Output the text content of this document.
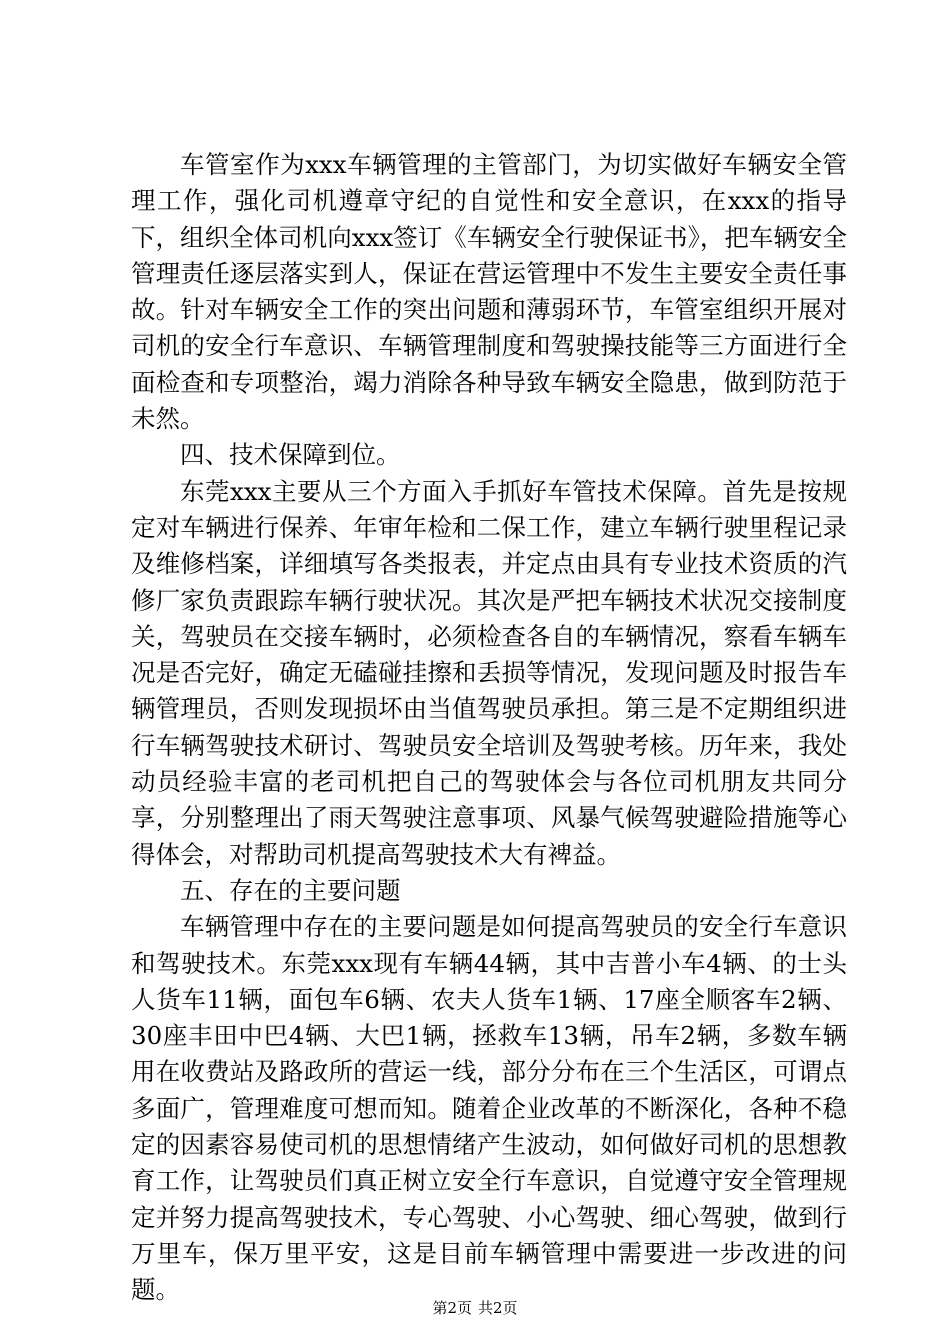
车管室作为xxx车辆管理的主管部门，为切实做好车辆安全管理工作，强化司机遵章守纪的自觉性和安全意识，在xxx的指导下，组织全体司机向xxx签订《车辆安全行驶保证书》，把车辆安全管理责任逐层落实到人，保证在营运管理中不发生主要安全责任事故。针对车辆安全工作的突出问题和薄弱环节，车管室组织开展对司机的安全行车意识、车辆管理制度和驾驶操技能等三方面进行全面检查和专项整治，竭力消除各种导致车辆安全隐患，做到防范于未然。

四、技术保障到位。

东莞xxx主要从三个方面入手抓好车管技术保障。首先是按规定对车辆进行保养、年审年检和二保工作，建立车辆行驶里程记录及维修档案，详细填写各类报表，并定点由具有专业技术资质的汽修厂家负责跟踪车辆行驶状况。其次是严把车辆技术状况交接制度关，驾驶员在交接车辆时，必须检查各自的车辆情况，察看车辆车况是否完好，确定无磕碰挂擦和丢损等情况，发现问题及时报告车辆管理员，否则发现损坏由当值驾驶员承担。第三是不定期组织进行车辆驾驶技术研讨、驾驶员安全培训及驾驶考核。历年来，我处动员经验丰富的老司机把自己的驾驶体会与各位司机朋友共同分享，分别整理出了雨天驾驶注意事项、风暴气候驾驶避险措施等心得体会，对帮助司机提高驾驶技术大有裨益。

五、存在的主要问题

车辆管理中存在的主要问题是如何提高驾驶员的安全行车意识和驾驶技术。东莞xxx现有车辆44辆，其中吉普小车4辆、的士头人货车11辆，面包车6辆、农夫人货车1辆、17座全顺客车2辆、30座丰田中巴4辆、大巴1辆，拯救车13辆，吊车2辆，多数车辆用在收费站及路政所的营运一线，部分分布在三个生活区，可谓点多面广，管理难度可想而知。随着企业改革的不断深化，各种不稳定的因素容易使司机的思想情绪产生波动，如何做好司机的思想教育工作，让驾驶员们真正树立安全行车意识，自觉遵守安全管理规定并努力提高驾驶技术，专心驾驶、小心驾驶、细心驾驶，做到行万里车，保万里平安，这是目前车辆管理中需要进一步改进的问题。

第2页 共2页
